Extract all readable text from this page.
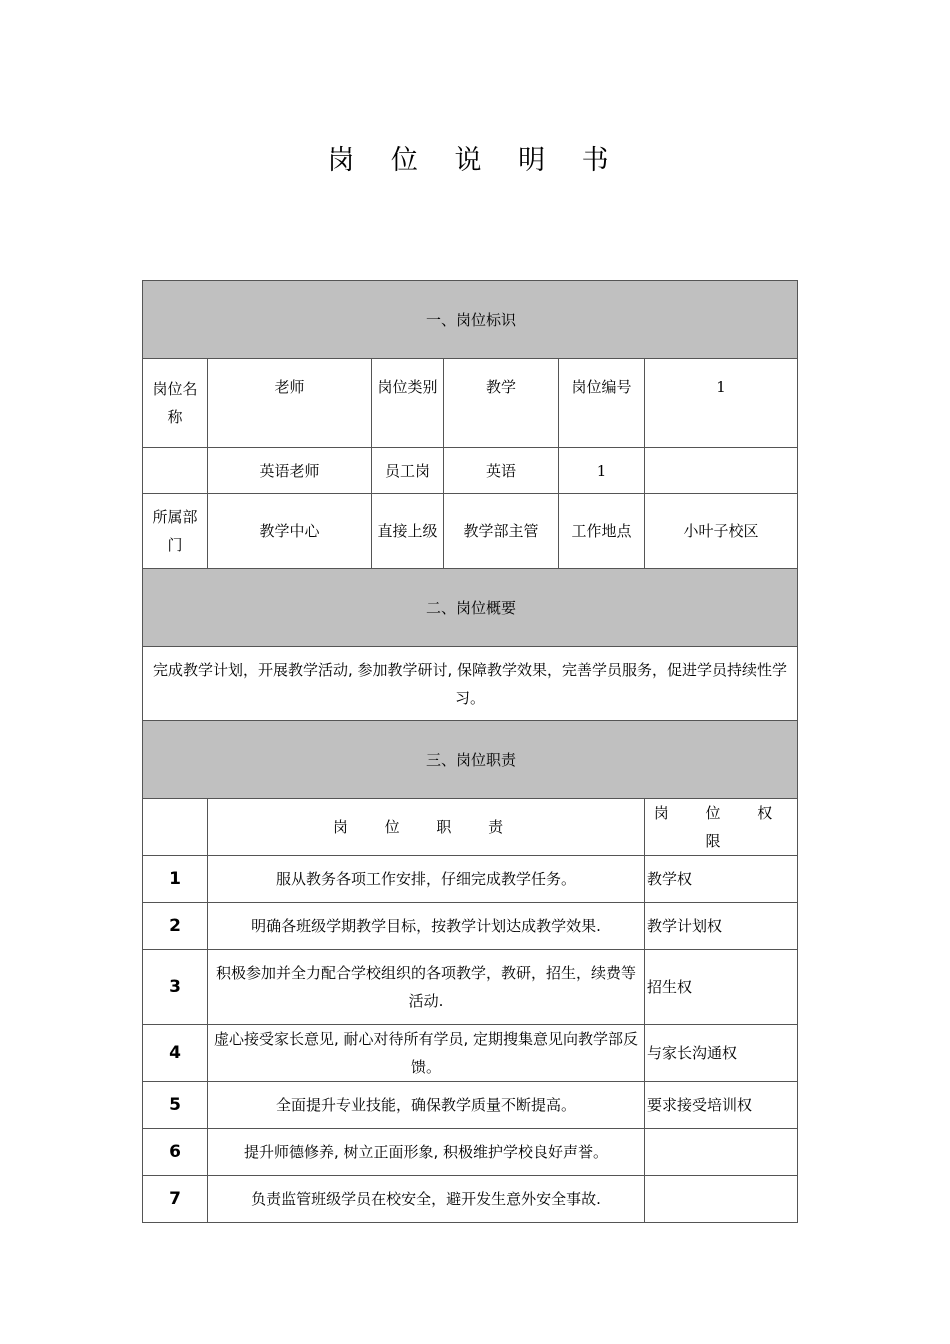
岗 位 说 明 书
一、岗位标识					

岗位名称	老师	岗位类别	教学	岗位编号	1
	英语老师	员工岗	英语	1	
所属部门	教学中心	直接上级	教学部主管	工作地点	小叶子校区

二、岗位概要					

完成教学计划，开展教学活动, 参加教学研讨, 保障教学效果，完善学员服务，促进学员持续性学习。					

三、岗位职责					

	岗 位 职 责				岗 位 权 限
1	服从教务各项工作安排，仔细完成教学任务。				教学权
2	明确各班级学期教学目标，按教学计划达成教学效果.				教学计划权
3	积极参加并全力配合学校组织的各项教学，教研，招生，续费等活动.				招生权
4	虚心接受家长意见, 耐心对待所有学员, 定期搜集意见向教学部反馈。				与家长沟通权
5	全面提升专业技能，确保教学质量不断提高。				要求接受培训权
6	提升师德修养, 树立正面形象, 积极维护学校良好声誉。				
7	负责监管班级学员在校安全，避开发生意外安全事故.				
